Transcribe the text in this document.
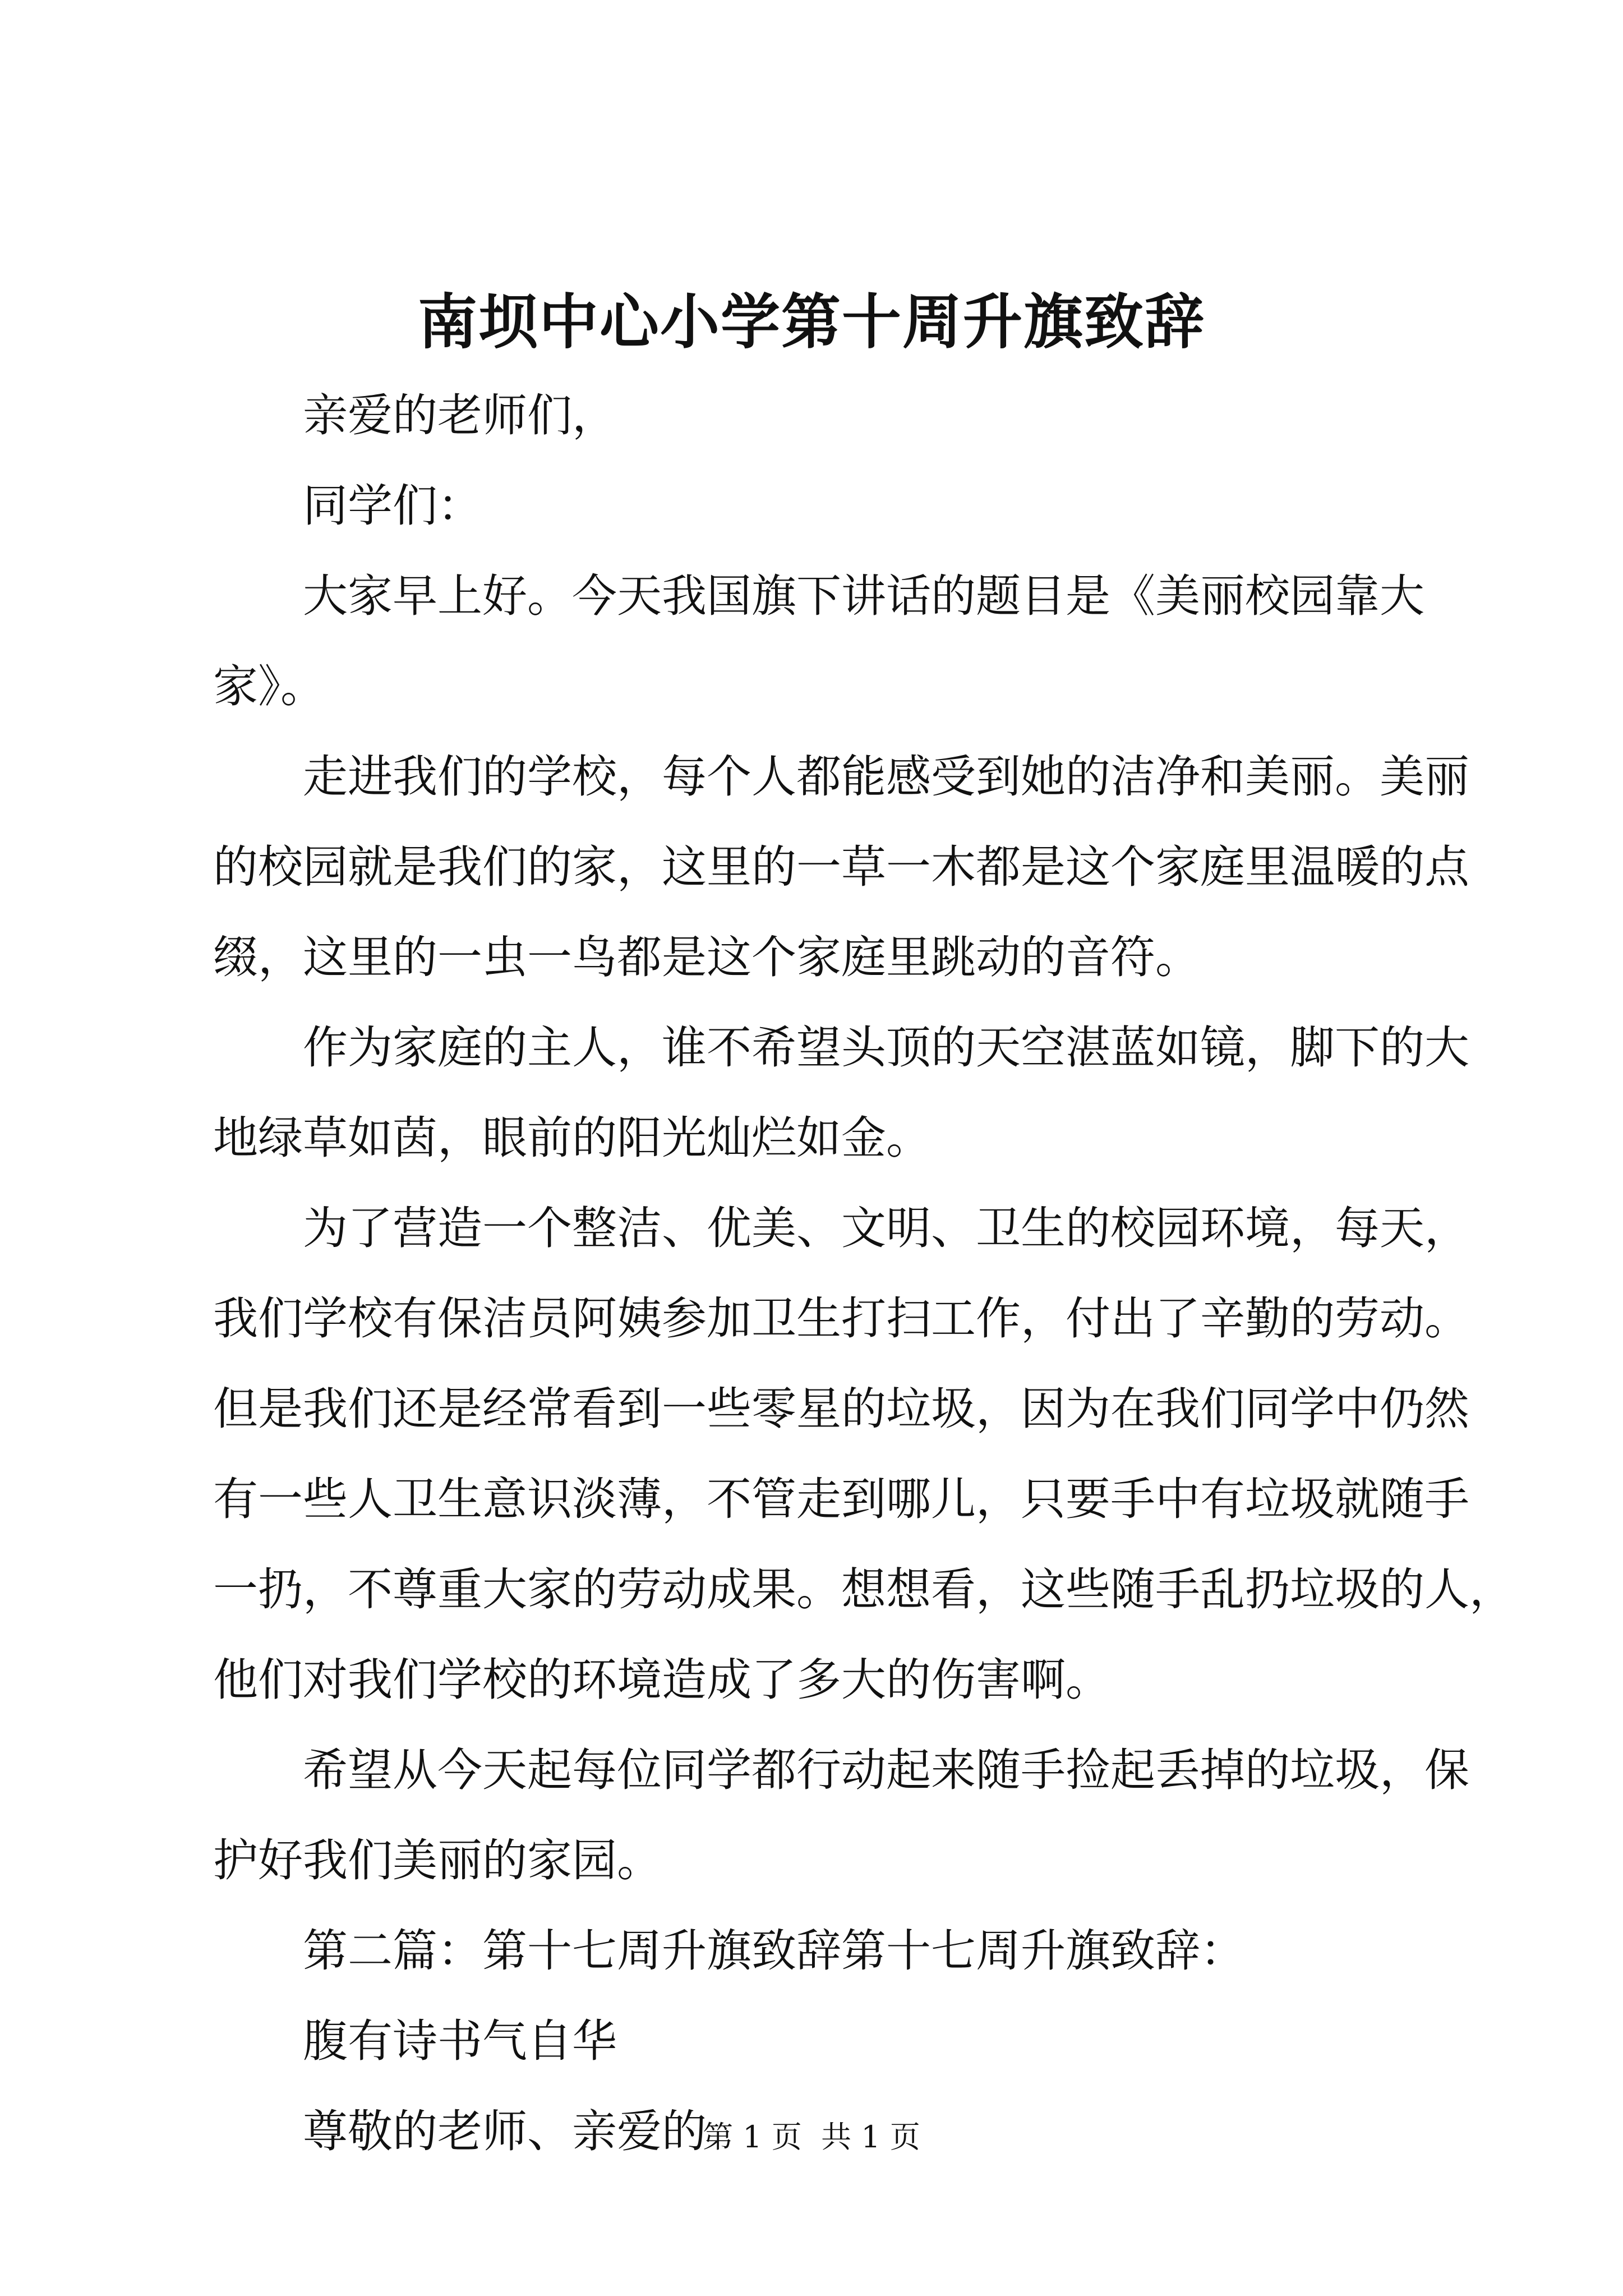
南坝中心小学第十周升旗致辞
亲爱的老师们，
同学们：
大家早上好。今天我国旗下讲话的题目是《美丽校园靠大
家》。
走进我们的学校，每个人都能感受到她的洁净和美丽。美丽
的校园就是我们的家，这里的一草一木都是这个家庭里温暖的点
缀，这里的一虫一鸟都是这个家庭里跳动的音符。
作为家庭的主人，谁不希望头顶的天空湛蓝如镜，脚下的大
地绿草如茵，眼前的阳光灿烂如金。
为了营造一个整洁、优美、文明、卫生的校园环境，每天，
我们学校有保洁员阿姨参加卫生打扫工作，付出了辛勤的劳动。
但是我们还是经常看到一些零星的垃圾，因为在我们同学中仍然
有一些人卫生意识淡薄，不管走到哪儿，只要手中有垃圾就随手
一扔，不尊重大家的劳动成果。想想看，这些随手乱扔垃圾的人，
他们对我们学校的环境造成了多大的伤害啊。
希望从今天起每位同学都行动起来随手捡起丢掉的垃圾，保
护好我们美丽的家园。
第二篇：第十七周升旗致辞第十七周升旗致辞：
腹有诗书气自华
尊敬的老师、亲爱的
第 1 页  共 1 页
